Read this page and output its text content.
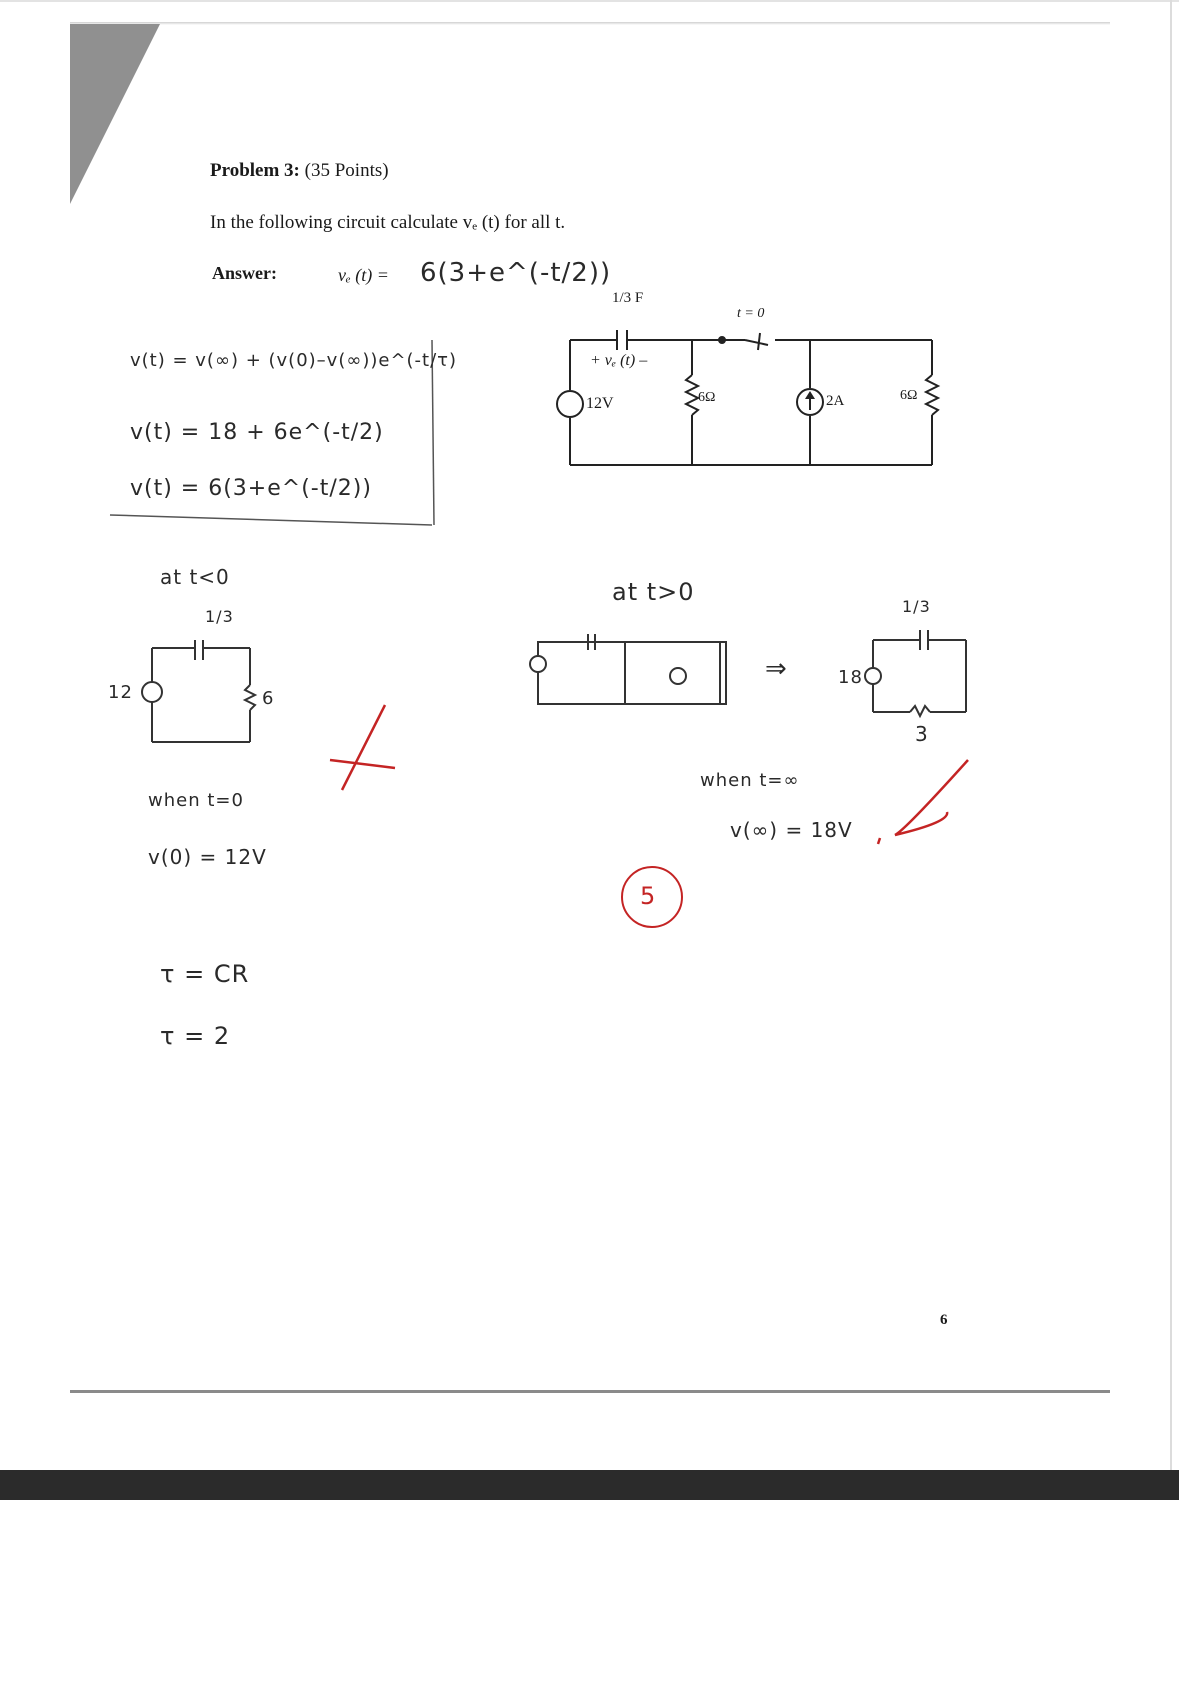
Problem 3: (35 Points)
In the following circuit calculate vₑ (t) for all t.
Answer:	vₑ (t) = 6(3+e^(-t/2))
1/3 F
+ vₑ (t) –
12V	6Ω
t = 0
2A	6Ω
v(t) = v(∞) + (v(0)–v(∞))e^(-t/τ)
v(t) = 18 + 6e^(-t/2)
v(t) = 6(3+e^(-t/2))
at t<0
1/3
12	6
when t=0
v(0) = 12V
τ = CR
τ = 2
at t>0
⇒	18
1/3
3
when t=∞
v(∞) = 18V
5
6
